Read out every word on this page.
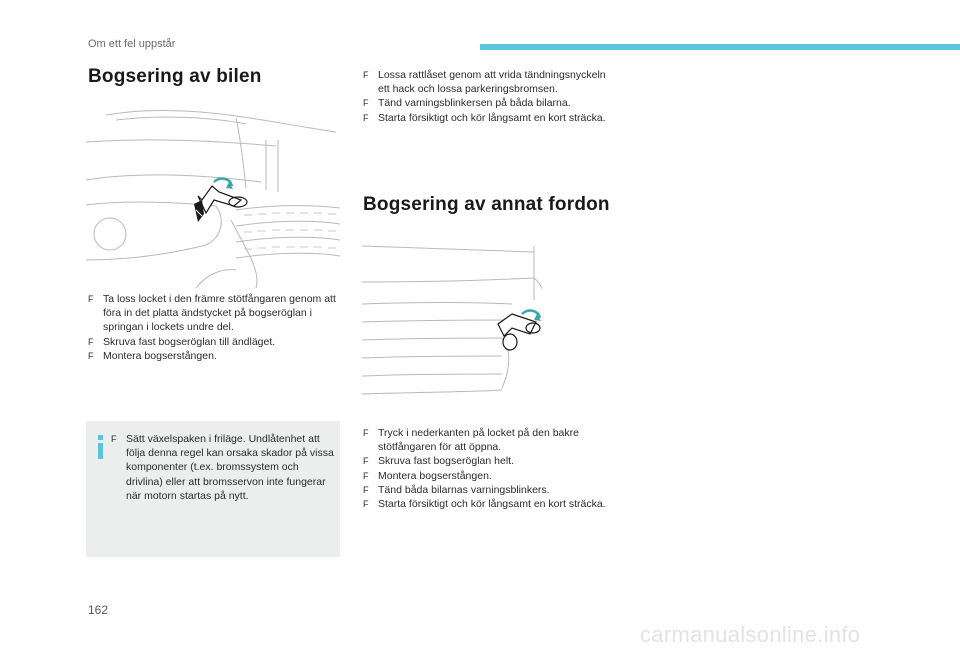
Om ett fel uppstår
Bogsering av bilen
F Ta loss locket i den främre stötfångaren genom att föra in det platta ändstycket på bogseröglan i springan i lockets undre del.
F Skruva fast bogseröglan till ändläget.
F Montera bogserstången.
F Sätt växelspaken i friläge. Undlåtenhet att följa denna regel kan orsaka skador på vissa komponenter (t.ex. bromssystem och drivlina) eller att bromsservon inte fungerar när motorn startas på nytt.
F Lossa rattlåset genom att vrida tändningsnyckeln ett hack och lossa parkeringsbromsen.
F Tänd varningsblinkersen på båda bilarna.
F Starta försiktigt och kör långsamt en kort sträcka.
Bogsering av annat fordon
F Tryck i nederkanten på locket på den bakre stötfångaren för att öppna.
F Skruva fast bogseröglan helt.
F Montera bogserstången.
F Tänd båda bilarnas varningsblinkers.
F Starta försiktigt och kör långsamt en kort sträcka.
162
carmanualsonline.info
